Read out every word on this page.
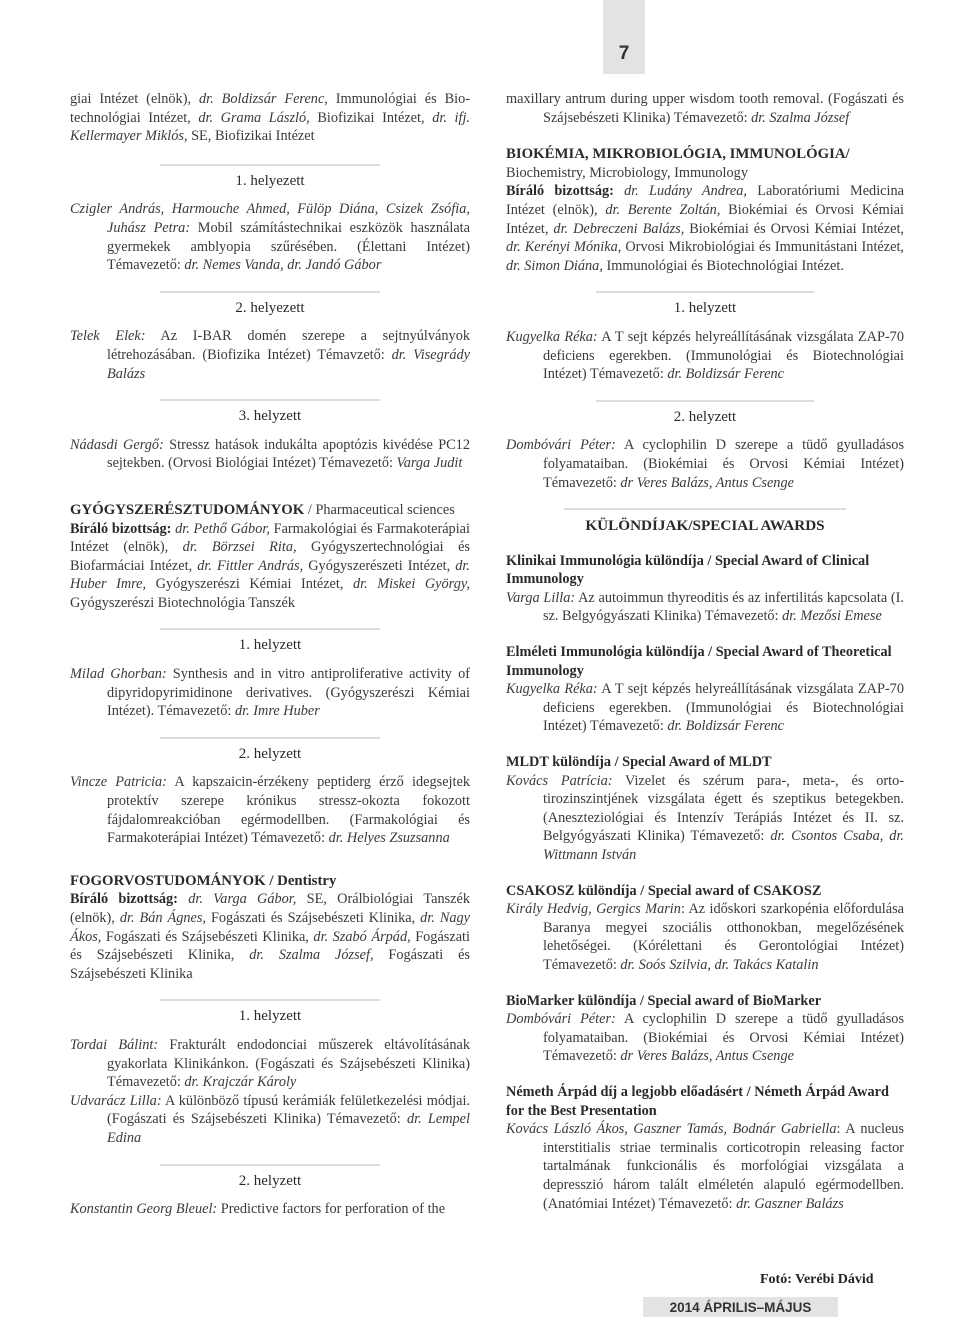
7

giai Intézet (elnök), dr. Boldizsár Ferenc, Immunológiai és Biotechnológiai Intézet, dr. Grama László, Biofizikai Intézet, dr. ifj. Kellermayer Miklós, SE, Biofizikai Intézet

1. helyezett

Czigler András, Harmouche Ahmed, Fülöp Diána, Csizek Zsófia, Juhász Petra: Mobil számítástechnikai eszközök használata gyermekek amblyopia szűrésében. (Élettani Intézet) Témavezető: dr. Nemes Vanda, dr. Jandó Gábor

2. helyezett

Telek Elek: Az I-BAR domén szerepe a sejtnyúlványok létrehozásában. (Biofizika Intézet) Témavzető: dr. Visegrády Balázs

3. helyzett

Nádasdi Gergő: Stressz hatások indukálta apoptózis kivédése PC12 sejtekben. (Orvosi Biológiai Intézet) Témavezető: Varga Judit

GYÓGYSZERÉSZTUDOMÁNYOK / Pharmaceutical sciences

Bíráló bizottság: dr. Pethő Gábor, Farmakológiai és Farmakoterápiai Intézet (elnök), dr. Börzsei Rita, Gyógyszertechnológiai és Biofarmáciai Intézet, dr. Fittler András, Gyógyszerészeti Intézet, dr. Huber Imre, Gyógyszerészi Kémiai Intézet, dr. Miskei György, Gyógyszerészi Biotechnológia Tanszék

1. helyzett

Milad Ghorban: Synthesis and in vitro antiproliferative activity of dipyridopyrimidinone derivatives. (Gyógyszerészi Kémiai Intézet). Témavezető: dr. Imre Huber

2. helyzett

Vincze Patricia: A kapszaicin-érzékeny peptiderg érző idegsejtek protektív szerepe krónikus stressz-okozta fokozott fájdalomreakcióban egérmodellben. (Farmakológiai és Farmakoterápiai Intézet) Témavezető: dr. Helyes Zsuzsanna

FOGORVOSTUDOMÁNYOK / Dentistry

Bíráló bizottság: dr. Varga Gábor, SE, Orálbiológiai Tanszék (elnök), dr. Bán Ágnes, Fogászati és Szájsebészeti Klinika, dr. Nagy Ákos, Fogászati és Szájsebészeti Klinika, dr. Szabó Árpád, Fogászati és Szájsebészeti Klinika, dr. Szalma József, Fogászati és Szájsebészeti Klinika

1. helyzett

Tordai Bálint: Frakturált endodonciai műszerek eltávolításának gyakorlata Klinikánkon. (Fogászati és Szájsebészeti Klinika) Témavezető: dr. Krajczár Károly

Udvarácz Lilla: A különböző típusú kerámiák felületkezelési módjai. (Fogászati és Szájsebészeti Klinika) Témavezető: dr. Lempel Edina

2. helyzett

Konstantin Georg Bleuel: Predictive factors for perforation of the

maxillary antrum during upper wisdom tooth removal. (Fogászati és Szájsebészeti Klinika) Témavezető: dr. Szalma József

BIOKÉMIA, MIKROBIOLÓGIA, IMMUNOLÓGIA/

Biochemistry, Microbiology, Immunology

Bíráló bizottság: dr. Ludány Andrea, Laboratóriumi Medicina Intézet (elnök), dr. Berente Zoltán, Biokémiai és Orvosi Kémiai Intézet, dr. Debreczeni Balázs, Biokémiai és Orvosi Kémiai Intézet, dr. Kerényi Mónika, Orvosi Mikrobiológiai és Immunitástani Intézet, dr. Simon Diána, Immunológiai és Biotechnológiai Intézet.

1. helyzett

Kugyelka Réka: A T sejt képzés helyreállításának vizsgálata ZAP-70 deficiens egerekben. (Immunológiai és Biotechnológiai Intézet) Témavezető: dr. Boldizsár Ferenc

2. helyzett

Dombóvári Péter: A cyclophilin D szerepe a tüdő gyulladásos folyamataiban. (Biokémiai és Orvosi Kémiai Intézet) Témavezető: dr Veres Balázs, Antus Csenge

KÜLÖNDÍJAK/SPECIAL AWARDS

Klinikai Immunológia különdíja / Special Award of Clinical Immunology

Varga Lilla: Az autoimmun thyreoditis és az infertilitás kapcsolata (I. sz. Belgyógyászati Klinika) Témavezető: dr. Mezősi Emese

Elméleti Immunológia különdíja / Special Award of Theoretical Immunology

Kugyelka Réka: A T sejt képzés helyreállításának vizsgálata ZAP-70 deficiens egerekben. (Immunológiai és Biotechnológiai Intézet) Témavezető: dr. Boldizsár Ferenc

MLDT különdíja / Special Award of MLDT

Kovács Patrícia: Vizelet és szérum para-, meta-, és orto-tirozinszintjének vizsgálata égett és szeptikus betegekben. (Aneszteziológiai és Intenzív Terápiás Intézet és II. sz. Belgyógyászati Klinika) Témavezető: dr. Csontos Csaba, dr. Wittmann István

CSAKOSZ különdíja / Special award of CSAKOSZ

Király Hedvig, Gergics Marin: Az időskori szarkopénia előfordulása Baranya megyei szociális otthonokban, megelőzésének lehetőségei. (Kórélettani és Gerontológiai Intézet) Témavezető: dr. Soós Szilvia, dr. Takács Katalin

BioMarker különdíja / Special award of BioMarker

Dombóvári Péter: A cyclophilin D szerepe a tüdő gyulladásos folyamataiban. (Biokémiai és Orvosi Kémiai Intézet) Témavezető: dr Veres Balázs, Antus Csenge

Németh Árpád díj a legjobb előadásért / Németh Árpád Award for the Best Presentation

Kovács László Ákos, Gaszner Tamás, Bodnár Gabriella: A nucleus interstitialis striae terminalis corticotropin releasing factor tartalmának funkcionális és morfológiai vizsgálata a depresszió három talált elméletén alapuló egérmodellben. (Anatómiai Intézet) Témavezető: dr. Gaszner Balázs

Fotó: Verébi Dávid
2014 ÁPRILIS–MÁJUS
